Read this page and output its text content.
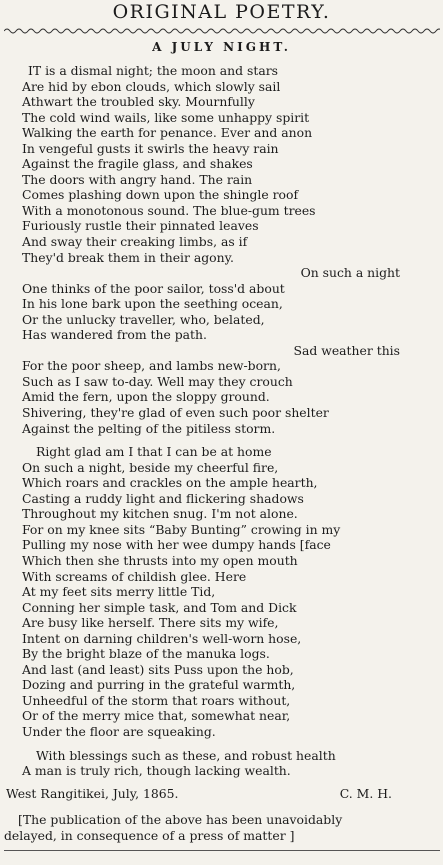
ORIGINAL POETRY.
A JULY NIGHT.
IT is a dismal night; the moon and stars
Are hid by ebon clouds, which slowly sail
Athwart the troubled sky. Mournfully
The cold wind wails, like some unhappy spirit
Walking the earth for penance. Ever and anon
In vengeful gusts it swirls the heavy rain
Against the fragile glass, and shakes
The doors with angry hand. The rain
Comes plashing down upon the shingle roof
With a monotonous sound. The blue-gum trees
Furiously rustle their pinnated leaves
And sway their creaking limbs, as if
They'd break them in their agony.
On such a night
One thinks of the poor sailor, toss'd about
In his lone bark upon the seething ocean,
Or the unlucky traveller, who, belated,
Has wandered from the path.
Sad weather this
For the poor sheep, and lambs new-born,
Such as I saw to-day. Well may they crouch
Amid the fern, upon the sloppy ground.
Shivering, they're glad of even such poor shelter
Against the pelting of the pitiless storm.
Right glad am I that I can be at home
On such a night, beside my cheerful fire,
Which roars and crackles on the ample hearth,
Casting a ruddy light and flickering shadows
Throughout my kitchen snug. I'm not alone.
For on my knee sits “Baby Bunting” crowing in my
Pulling my nose with her wee dumpy hands [face
Which then she thrusts into my open mouth
With screams of childish glee. Here
At my feet sits merry little Tid,
Conning her simple task, and Tom and Dick
Are busy like herself. There sits my wife,
Intent on darning children's well-worn hose,
By the bright blaze of the manuka logs.
And last (and least) sits Puss upon the hob,
Dozing and purring in the grateful warmth,
Unheedful of the storm that roars without,
Or of the merry mice that, somewhat near,
Under the floor are squeaking.
With blessings such as these, and robust health
A man is truly rich, though lacking wealth.
West Rangitikei, July, 1865.	C. M. H.
[The publication of the above has been unavoidably
delayed, in consequence of a press of matter ]
